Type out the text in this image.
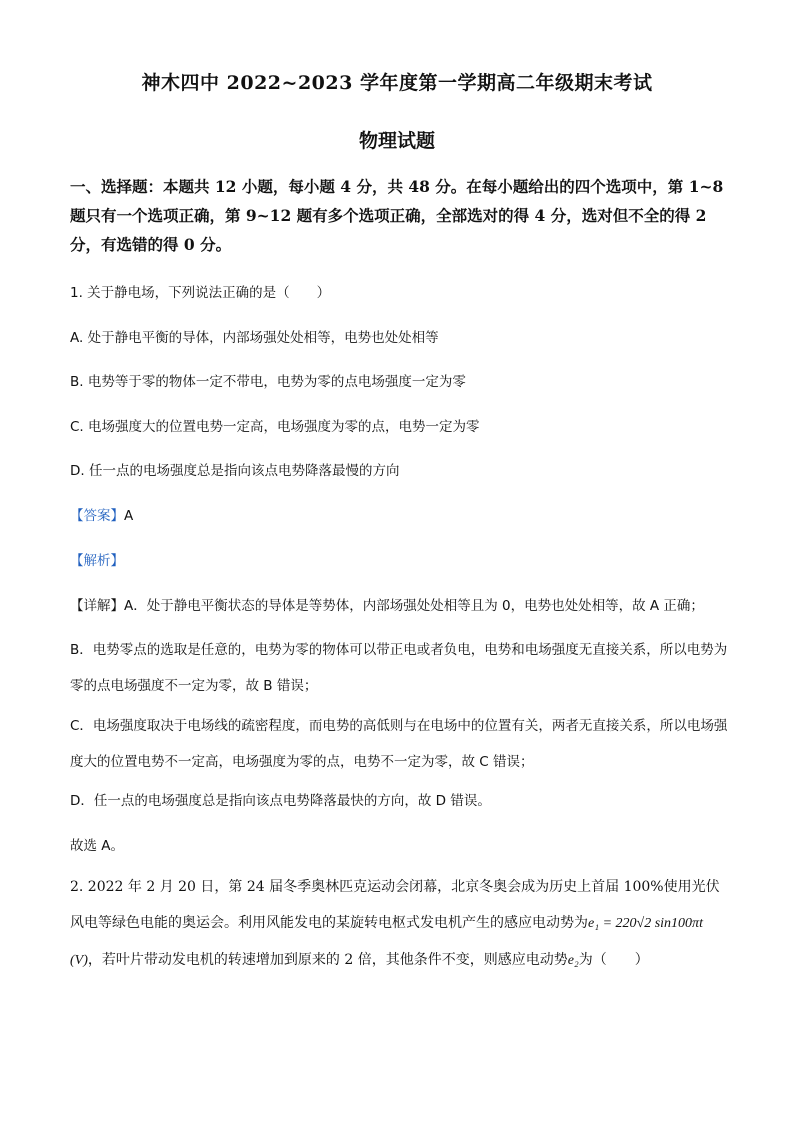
神木四中 2022~2023 学年度第一学期高二年级期末考试
物理试题
一、选择题：本题共 12 小题，每小题 4 分，共 48 分。在每小题给出的四个选项中，第 1~8 题只有一个选项正确，第 9~12 题有多个选项正确，全部选对的得 4 分，选对但不全的得 2 分，有选错的得 0 分。
1. 关于静电场，下列说法正确的是（　　）
A. 处于静电平衡的导体，内部场强处处相等，电势也处处相等
B. 电势等于零的物体一定不带电，电势为零的点电场强度一定为零
C. 电场强度大的位置电势一定高，电场强度为零的点，电势一定为零
D. 任一点的电场强度总是指向该点电势降落最慢的方向
【答案】A
【解析】
【详解】A．处于静电平衡状态的导体是等势体，内部场强处处相等且为 0，电势也处处相等，故 A 正确；
B．电势零点的选取是任意的，电势为零的物体可以带正电或者负电，电势和电场强度无直接关系，所以电势为零的点电场强度不一定为零，故 B 错误；
C．电场强度取决于电场线的疏密程度，而电势的高低则与在电场中的位置有关，两者无直接关系，所以电场强度大的位置电势不一定高，电场强度为零的点，电势不一定为零，故 C 错误；
D．任一点的电场强度总是指向该点电势降落最快的方向，故 D 错误。
故选 A。
2. 2022 年 2 月 20 日，第 24 届冬季奥林匹克运动会闭幕，北京冬奥会成为历史上首届 100%使用光伏风电等绿色电能的奥运会。利用风能发电的某旋转电枢式发电机产生的感应电动势为e₁ = 220√2 sin100πt (V)，若叶片带动发电机的转速增加到原来的 2 倍，其他条件不变，则感应电动势e₂为（　　）
